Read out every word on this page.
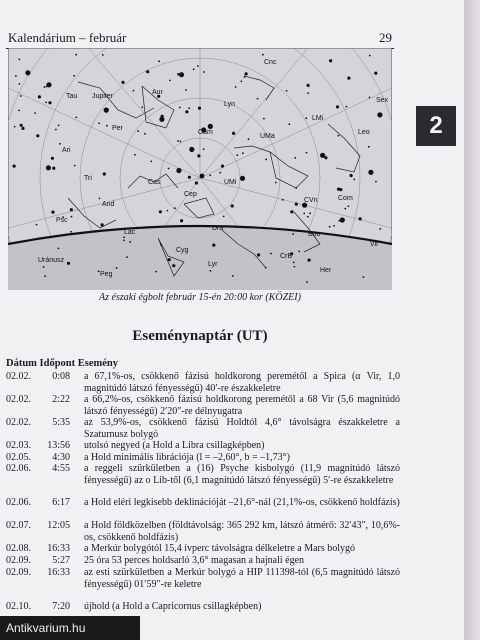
Kalendárium – február	29
2
Cnc
Tau Jupiter
Aur
Lyn
LMi
Leo
Sex
Per
Cam
UMa
Ari
Cas	UMi
Tri
And
Cep
CVn	Com
Psc
Lac
Dra
Boo
Cyg
Vir
Uránusz
Peg
Lyr
CrB
Her
Az északi égbolt február 15-én 20:00 kor (KÖZEI)
Eseménynaptár (UT)
Dátum Időpont Esemény
02.02.	0:08 a 67,1%-os, csökkenő fázisú holdkorong peremétől a Spica (α Vir, 1,0 magnitúdó látszó fényességű) 40′-re északkeletre
02.02.	2:22 a 66,2%-os, csökkenő fázisú holdkorong peremétől a 68 Vir (5,6 magnitúdó látszó fényességű) 2′20″-re délnyugatra
02.02.	5:35 az 53,9%-os, csökkenő fázisú Holdtól 4,6° távolságra északkeletre a Szaturnusz bolygó
02.03.	13:56 utolsó negyed (a Hold a Libra csillagképben)
02.05.	4:30 a Hold minimális librációja (l = –2,60°, b = –1,73°)
02.06.	4:55 a reggeli szürkületben a (16) Psyche kisbolygó (11,9 magnitúdó látszó fényességű) az o Lib-től (6,1 magnitúdó látszó fényességű) 5′-re északkeletre
02.06.	6:17 a Hold eléri legkisebb deklinációját –21,6°-nál (21,1%-os, csökkenő holdfázis)
02.07.	12:05 a Hold földközelben (földtávolság: 365 292 km, látszó átmérő: 32′43″, 10,6%-os, csökkenő holdfázis)
02.08.	16:33 a Merkúr bolygótól 15,4 ívperc távolságra délkeletre a Mars bolygó
02.09.	5:27 25 óra 53 perces holdsarló 3,6° magasan a hajnali égen
02.09.	16:33 az esti szürkületben a Merkúr bolygó a HIP 111398-tól (6,5 magnitúdó látszó fényességű) 01′59″-re keletre
02.10.	7:20 újhold (a Hold a Capricornus csillagképben)
Antikvarium.hu
